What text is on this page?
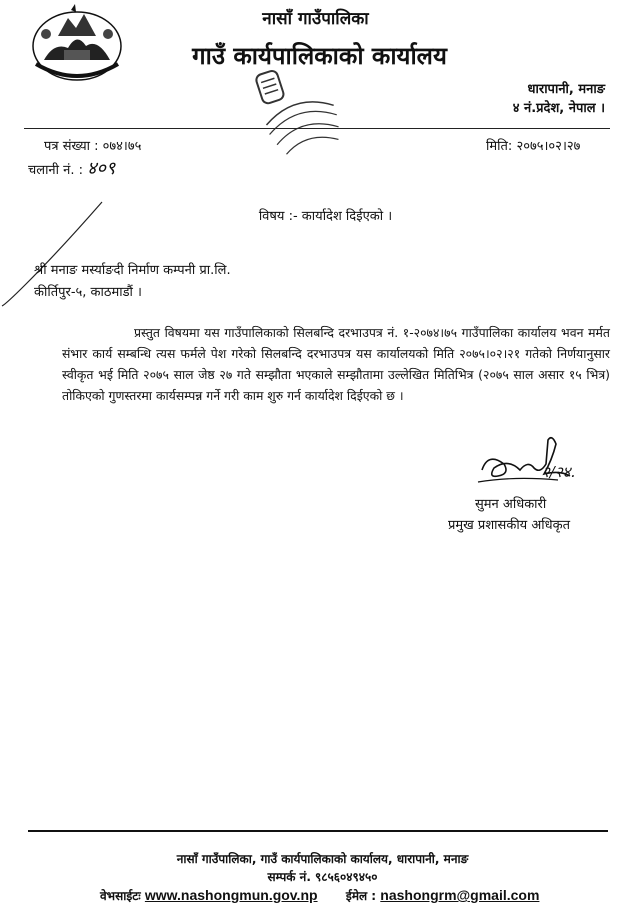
नासाँ गाउँपालिका
गाउँ कार्यपालिकाको कार्यालय
धारापानी, मनाङ
४ नं.प्रदेश, नेपाल ।
पत्र संख्या : ०७४।७५
चलानी नं. : ४०९
मिति: २०७५।०२।२७
विषय :- कार्यादेश दिईएको ।
श्री मनाङ मर्स्याङदी निर्माण कम्पनी प्रा.लि.
कीर्तिपुर-५, काठमाडौं ।
प्रस्तुत विषयमा यस गाउँपालिकाको सिलबन्दि दरभाउपत्र नं. १-२०७४।७५ गाउँपालिका कार्यालय भवन मर्मत संभार कार्य सम्बन्धि त्यस फर्मले पेश गरेको सिलबन्दि दरभाउपत्र यस कार्यालयको मिति २०७५।०२।२१ गतेको निर्णयानुसार स्वीकृत भई मिति २०७५ साल जेष्ठ २७ गते सम्झौता भएकाले सम्झौतामा उल्लेखित मितिभित्र (२०७५ साल असार १५ भित्र) तोकिएको गुणस्तरमा कार्यसम्पन्न गर्ने गरी काम शुरु गर्न कार्यादेश दिईएको छ ।
२/२४.
सुमन अधिकारी
प्रमुख प्रशासकीय अधिकृत
नासाँ गाउँपालिका, गाउँ कार्यपालिकाको कार्यालय, धारापानी, मनाङ
सम्पर्क नं. ९८५६०४९४५०
वेभसाईटः www.nashongmun.gov.np ईमेल : nashongrm@gmail.com
